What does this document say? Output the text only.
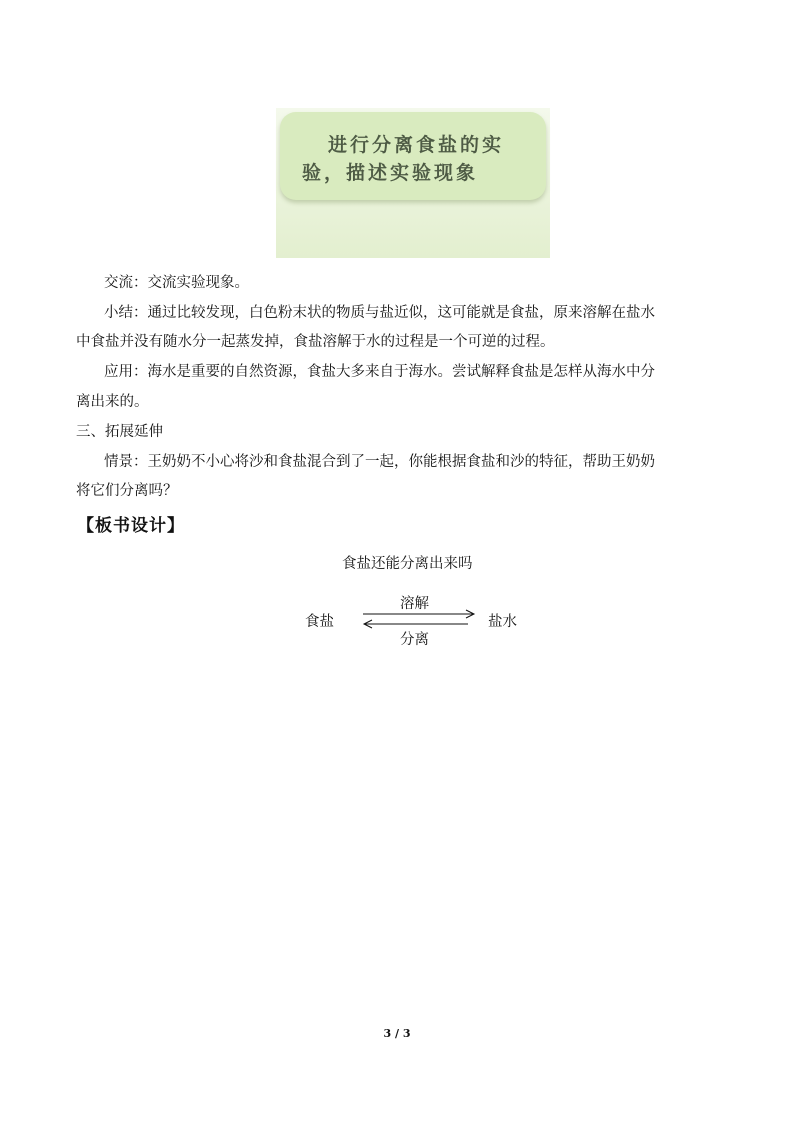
进行分离食盐的实
验，描述实验现象
交流：交流实验现象。
小结：通过比较发现，白色粉末状的物质与盐近似，这可能就是食盐，原来溶解在盐水
中食盐并没有随水分一起蒸发掉，食盐溶解于水的过程是一个可逆的过程。
应用：海水是重要的自然资源，食盐大多来自于海水。尝试解释食盐是怎样从海水中分
离出来的。
三、拓展延伸
情景：王奶奶不小心将沙和食盐混合到了一起，你能根据食盐和沙的特征，帮助王奶奶
将它们分离吗？
【板书设计】
食盐还能分离出来吗
溶解
食盐	盐水
分离
3 / 3
